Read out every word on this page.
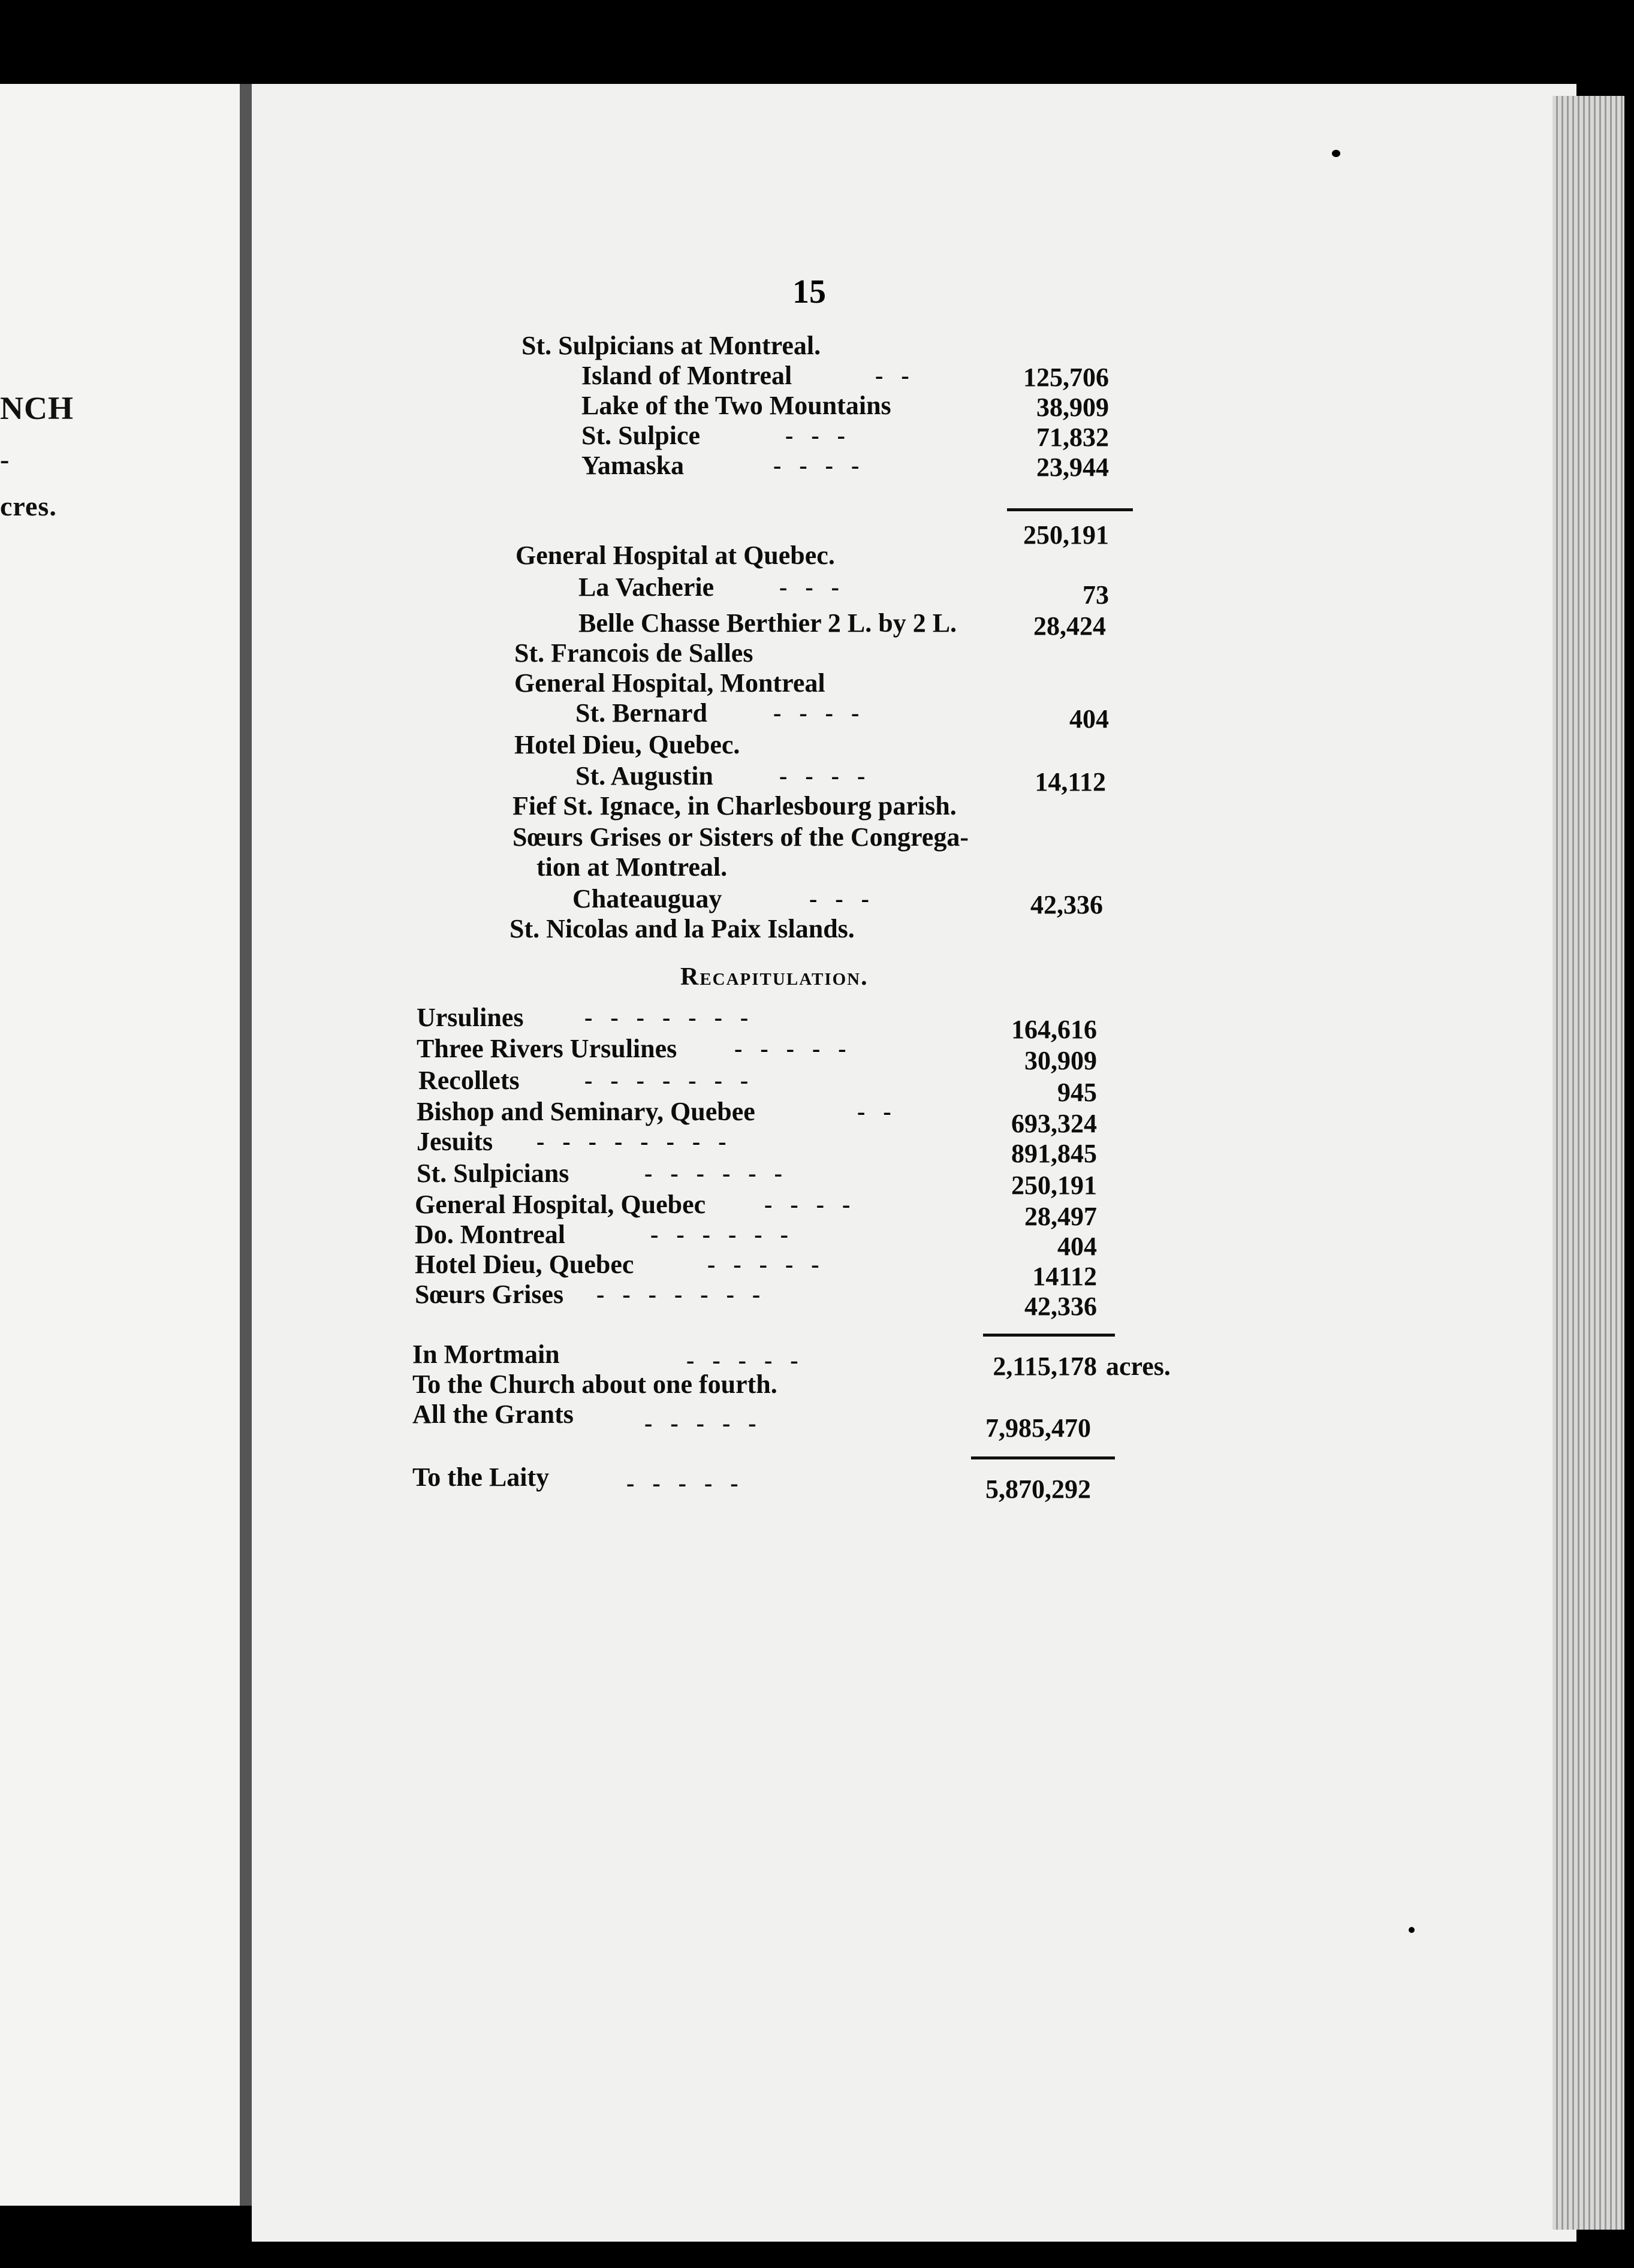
NCH
-
cres.
15
St. Sulpicians at Montreal.
Island of Montreal	-   -	125,706
Lake of the Two Mountains	38,909
St. Sulpice	-   -   -	71,832
Yamaska	-   -   -   -	23,944
250,191
General Hospital at Quebec.
La Vacherie	-   -   -	73
Belle Chasse Berthier 2 L. by 2 L.	28,424
St. Francois de Salles
General Hospital, Montreal
St. Bernard	-   -   -   -	404
Hotel Dieu, Quebec.
St. Augustin	-   -   -   -	14,112
Fief St. Ignace, in Charlesbourg parish.
Sœurs Grises or Sisters of the Congrega-
tion at Montreal.
Chateauguay	-   -   -	42,336
St. Nicolas and la Paix Islands.
Recapitulation.
Ursulines	-   -   -   -   -   -   -	164,616
Three Rivers Ursulines -   -   -   -   -	30,909
Recollets	-   -   -   -   -   -   -	945
Bishop and Seminary, Quebee	-   -	693,324
Jesuits -   -   -   -   -   -   -   -	891,845
St. Sulpicians	-   -   -   -   -   -	250,191
General Hospital, Quebec -   -   -   -	28,497
Do. Montreal	-   -   -   -   -   -	404
Hotel Dieu, Quebec	-   -   -   -   -	14112
Sœurs Grises -   -   -   -   -   -   -	42,336
In Mortmain	-   -   -   -   -	2,115,178 acres.
To the Church about one fourth.
All the Grants	-   -   -   -   -	7,985,470
To the Laity	-   -   -   -   -	5,870,292
